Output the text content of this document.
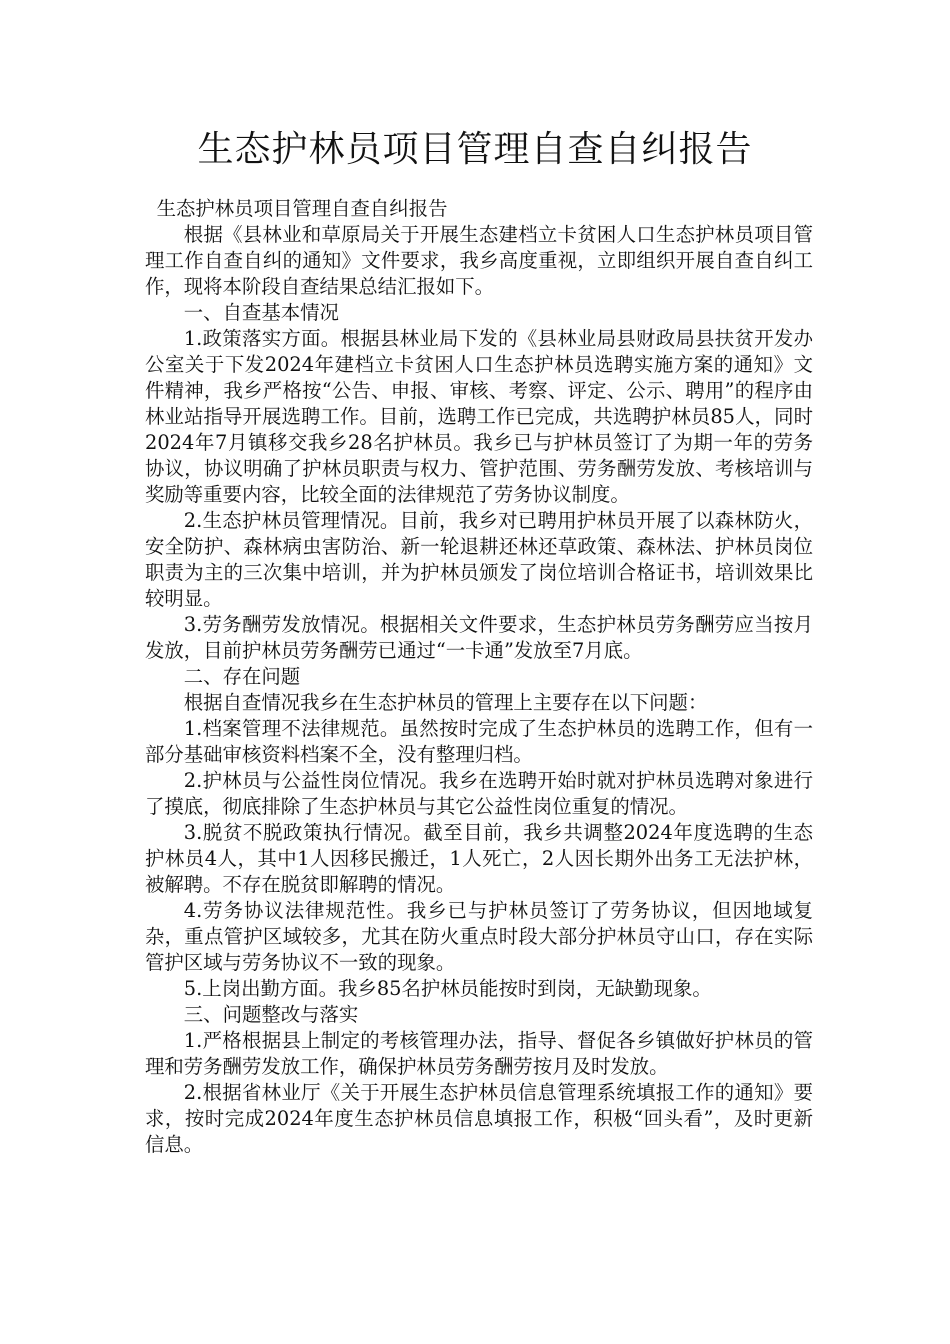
生态护林员项目管理自查自纠报告

生态护林员项目管理自查自纠报告

根据《县林业和草原局关于开展生态建档立卡贫困人口生态护林员项目管理工作自查自纠的通知》文件要求，我乡高度重视，立即组织开展自查自纠工作，现将本阶段自查结果总结汇报如下。

一、自查基本情况

1.政策落实方面。根据县林业局下发的《县林业局县财政局县扶贫开发办公室关于下发2024年建档立卡贫困人口生态护林员选聘实施方案的通知》文件精神，我乡严格按“公告、申报、审核、考察、评定、公示、聘用”的程序由林业站指导开展选聘工作。目前，选聘工作已完成，共选聘护林员85人，同时2024年7月镇移交我乡28名护林员。我乡已与护林员签订了为期一年的劳务协议，协议明确了护林员职责与权力、管护范围、劳务酬劳发放、考核培训与奖励等重要内容，比较全面的法律规范了劳务协议制度。

2.生态护林员管理情况。目前，我乡对已聘用护林员开展了以森林防火，安全防护、森林病虫害防治、新一轮退耕还林还草政策、森林法、护林员岗位职责为主的三次集中培训，并为护林员颁发了岗位培训合格证书，培训效果比较明显。

3.劳务酬劳发放情况。根据相关文件要求，生态护林员劳务酬劳应当按月发放，目前护林员劳务酬劳已通过“一卡通”发放至7月底。

二、存在问题

根据自查情况我乡在生态护林员的管理上主要存在以下问题：

1.档案管理不法律规范。虽然按时完成了生态护林员的选聘工作，但有一部分基础审核资料档案不全，没有整理归档。

2.护林员与公益性岗位情况。我乡在选聘开始时就对护林员选聘对象进行了摸底，彻底排除了生态护林员与其它公益性岗位重复的情况。

3.脱贫不脱政策执行情况。截至目前，我乡共调整2024年度选聘的生态护林员4人，其中1人因移民搬迁，1人死亡，2人因长期外出务工无法护林，被解聘。不存在脱贫即解聘的情况。

4.劳务协议法律规范性。我乡已与护林员签订了劳务协议，但因地域复杂，重点管护区域较多，尤其在防火重点时段大部分护林员守山口，存在实际管护区域与劳务协议不一致的现象。

5.上岗出勤方面。我乡85名护林员能按时到岗，无缺勤现象。

三、问题整改与落实

1.严格根据县上制定的考核管理办法，指导、督促各乡镇做好护林员的管理和劳务酬劳发放工作，确保护林员劳务酬劳按月及时发放。

2.根据省林业厅《关于开展生态护林员信息管理系统填报工作的通知》要求，按时完成2024年度生态护林员信息填报工作，积极“回头看”，及时更新信息。
